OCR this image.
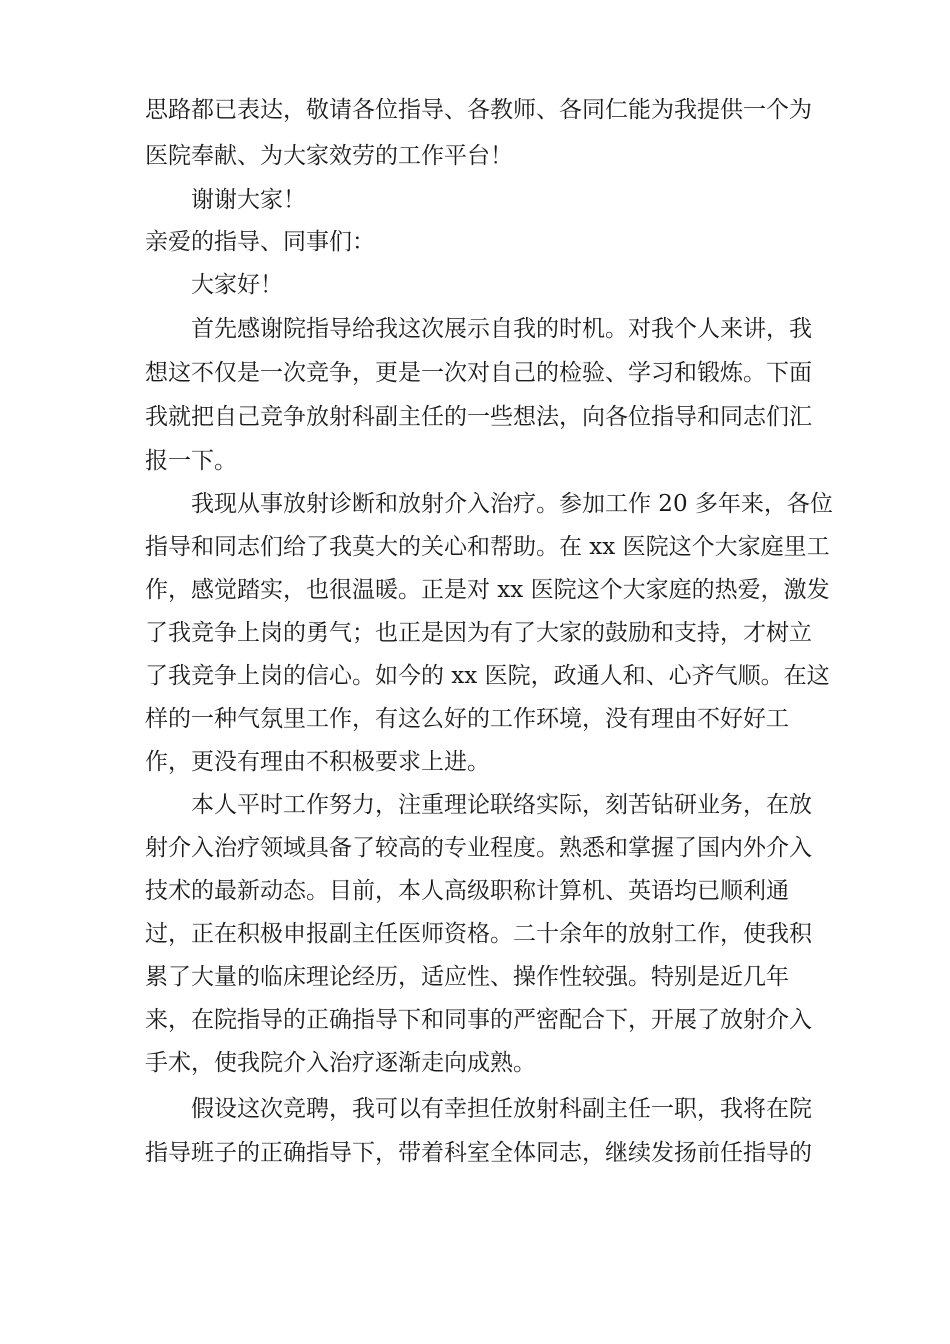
思路都已表达，敬请各位指导、各教师、各同仁能为我提供一个为
医院奉献、为大家效劳的工作平台！
谢谢大家！
亲爱的指导、同事们：
大家好！
首先感谢院指导给我这次展示自我的时机。对我个人来讲，我
想这不仅是一次竞争，更是一次对自己的检验、学习和锻炼。下面
我就把自己竞争放射科副主任的一些想法，向各位指导和同志们汇
报一下。
我现从事放射诊断和放射介入治疗。参加工作 20 多年来，各位
指导和同志们给了我莫大的关心和帮助。在 xx 医院这个大家庭里工
作，感觉踏实，也很温暖。正是对 xx 医院这个大家庭的热爱，激发
了我竞争上岗的勇气；也正是因为有了大家的鼓励和支持，才树立
了我竞争上岗的信心。如今的 xx 医院，政通人和、心齐气顺。在这
样的一种气氛里工作，有这么好的工作环境，没有理由不好好工
作，更没有理由不积极要求上进。
本人平时工作努力，注重理论联络实际，刻苦钻研业务，在放
射介入治疗领域具备了较高的专业程度。熟悉和掌握了国内外介入
技术的最新动态。目前，本人高级职称计算机、英语均已顺利通
过，正在积极申报副主任医师资格。二十余年的放射工作，使我积
累了大量的临床理论经历，适应性、操作性较强。特别是近几年
来，在院指导的正确指导下和同事的严密配合下，开展了放射介入
手术，使我院介入治疗逐渐走向成熟。
假设这次竞聘，我可以有幸担任放射科副主任一职，我将在院
指导班子的正确指导下，带着科室全体同志，继续发扬前任指导的
